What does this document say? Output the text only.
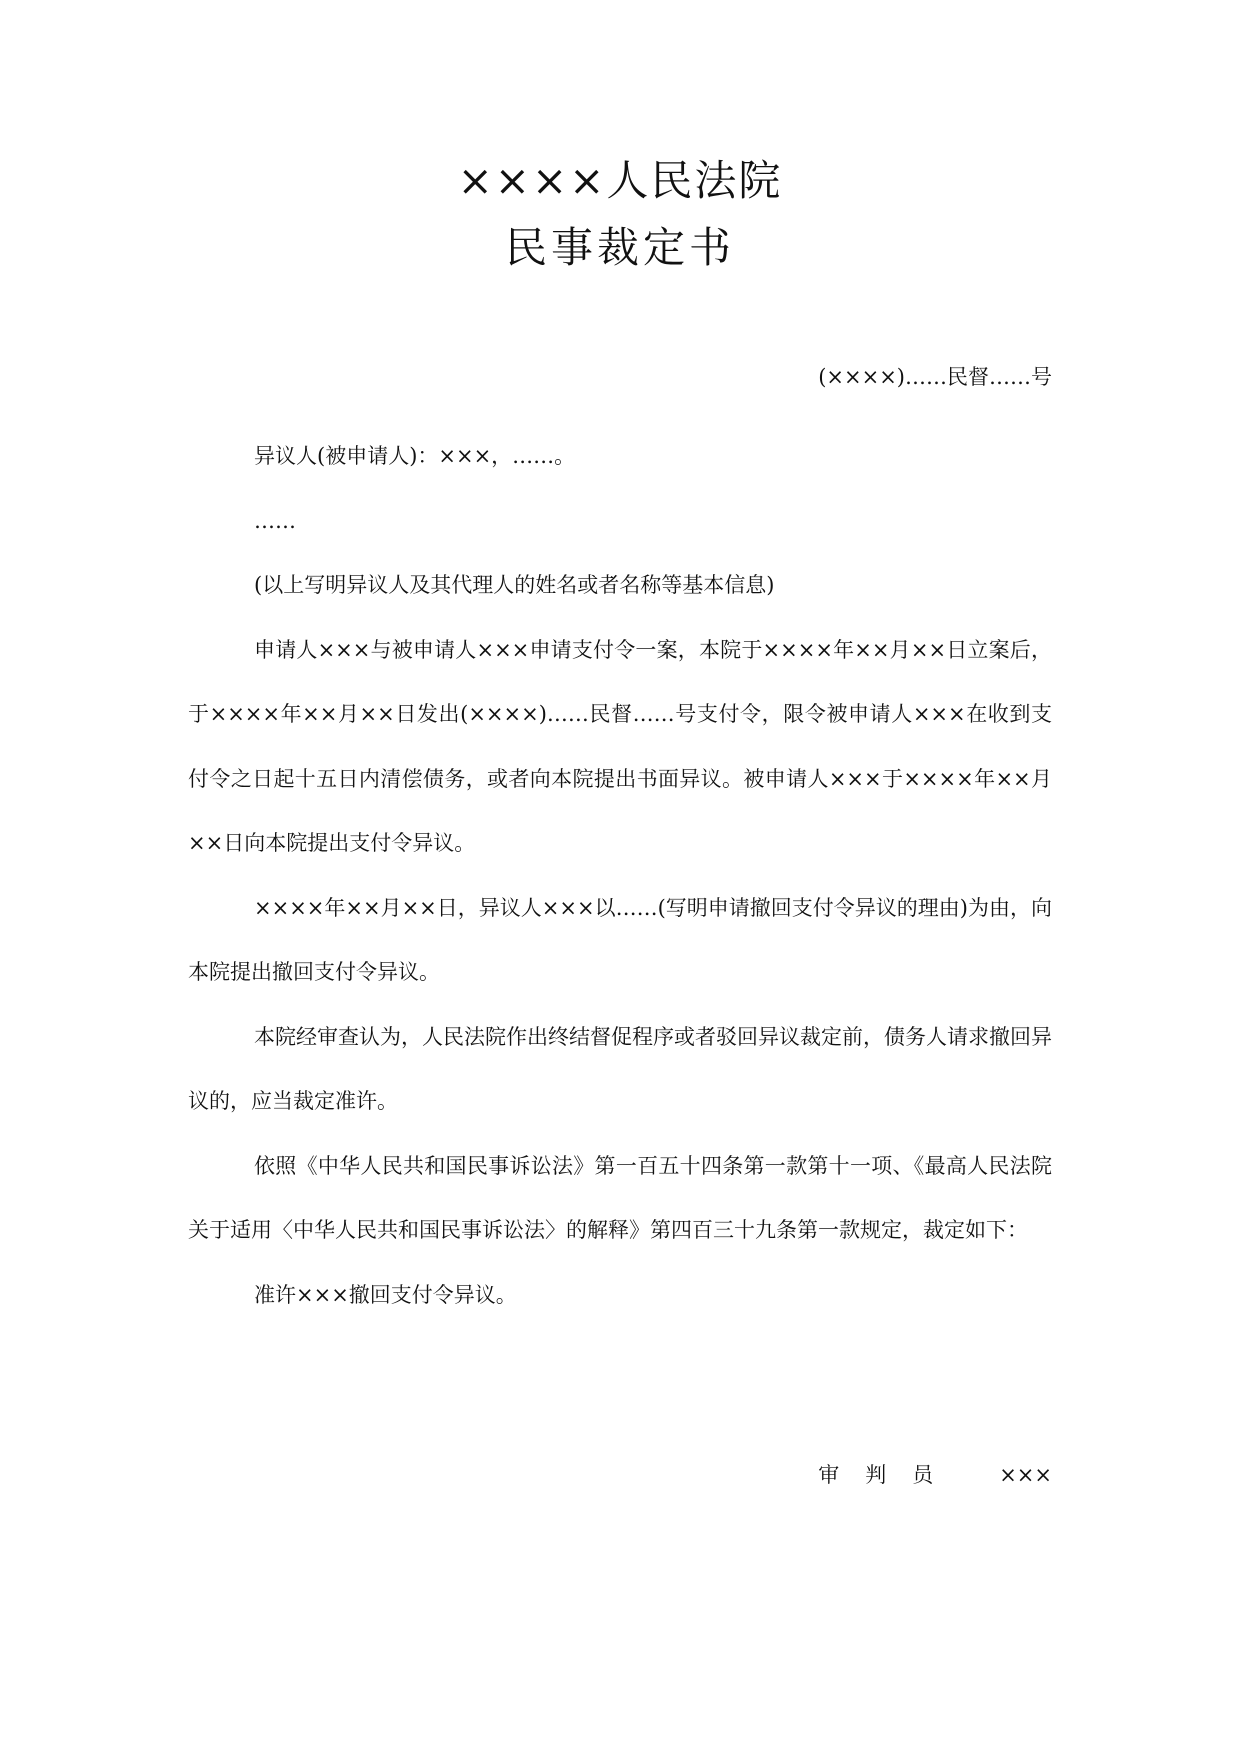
××××人民法院
民事裁定书
(××××)……民督……号

异议人(被申请人)：×××，……。

……

(以上写明异议人及其代理人的姓名或者名称等基本信息)

申请人×××与被申请人×××申请支付令一案，本院于××××年××月××日立案后，于××××年××月××日发出(××××)……民督……号支付令，限令被申请人×××在收到支付令之日起十五日内清偿债务，或者向本院提出书面异议。被申请人×××于××××年××月××日向本院提出支付令异议。

××××年××月××日，异议人×××以……(写明申请撤回支付令异议的理由)为由，向本院提出撤回支付令异议。

本院经审查认为，人民法院作出终结督促程序或者驳回异议裁定前，债务人请求撤回异议的，应当裁定准许。

依照《中华人民共和国民事诉讼法》第一百五十四条第一款第十一项、《最高人民法院关于适用〈中华人民共和国民事诉讼法〉的解释》第四百三十九条第一款规定，裁定如下：

准许×××撤回支付令异议。

审判员 ×××
